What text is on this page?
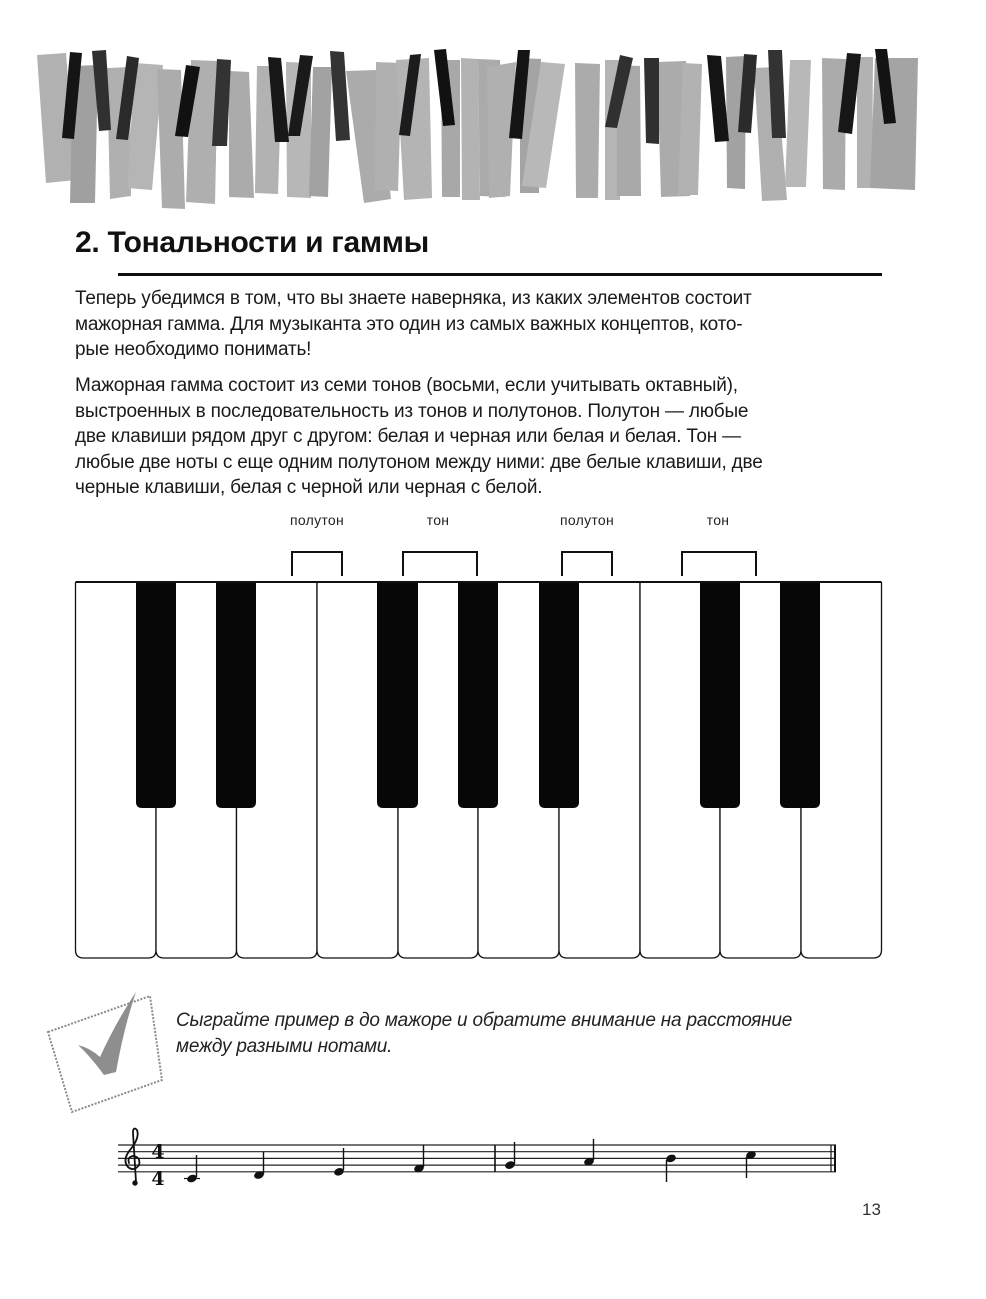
2. Тональности и гаммы
Теперь убедимся в том, что вы знаете наверняка, из каких элементов состоит
мажорная гамма. Для музыканта это один из самых важных концептов, кото-
рые необходимо понимать!
Мажорная гамма состоит из семи тонов (восьми, если учитывать октавный),
выстроенных в последовательность из тонов и полутонов. Полутон — любые
две клавиши рядом друг с другом: белая и черная или белая и белая. Тон —
любые две ноты с еще одним полутоном между ними: две белые клавиши, две
черные клавиши, белая с черной или черная с белой.
полутон	тон	полутон	тон
Сыграйте пример в до мажоре и обратите внимание на расстояние
между разными нотами.
4
4
13
